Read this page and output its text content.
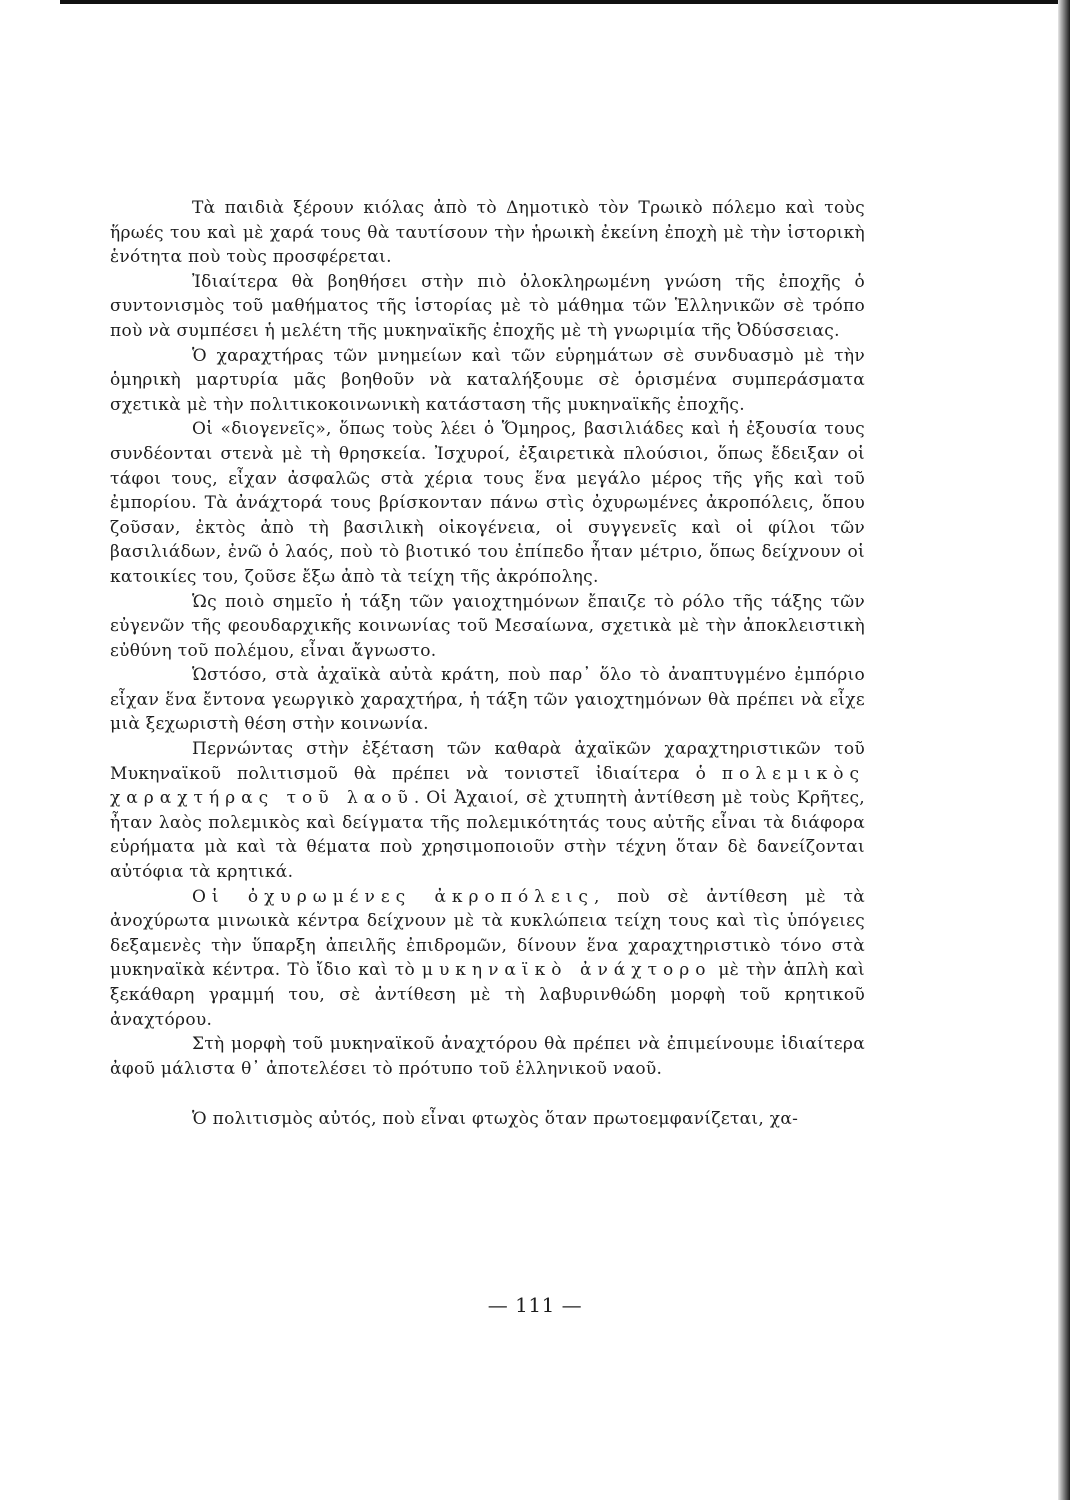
Τὰ παιδιὰ ξέρουν κιόλας ἀπὸ τὸ Δημοτικὸ τὸν Τρωικὸ πόλεμο καὶ τοὺς ἥρωές του καὶ μὲ χαρά τους θὰ ταυτίσουν τὴν ἡρωικὴ ἐκείνη ἐποχὴ μὲ τὴν ἱστορικὴ ἑνότητα ποὺ τοὺς προσφέρεται.

Ἰδιαίτερα θὰ βοηθήσει στὴν πιὸ ὁλοκληρωμένη γνώση τῆς ἐποχῆς ὁ συντονισμὸς τοῦ μαθήματος τῆς ἱστορίας μὲ τὸ μάθημα τῶν Ἑλληνικῶν σὲ τρόπο ποὺ νὰ συμπέσει ἡ μελέτη τῆς μυκηναϊκῆς ἐποχῆς μὲ τὴ γνωριμία τῆς Ὀδύσσειας.

Ὁ χαραχτήρας τῶν μνημείων καὶ τῶν εὑρημάτων σὲ συνδυασμὸ μὲ τὴν ὁμηρικὴ μαρτυρία μᾶς βοηθοῦν νὰ καταλήξουμε σὲ ὁρισμένα συμπεράσματα σχετικὰ μὲ τὴν πολιτικοκοινωνικὴ κατάσταση τῆς μυκηναϊκῆς ἐποχῆς.

Οἱ «διογενεῖς», ὅπως τοὺς λέει ὁ Ὅμηρος, βασιλιάδες καὶ ἡ ἐξουσία τους συνδέονται στενὰ μὲ τὴ θρησκεία. Ἰσχυροί, ἐξαιρετικὰ πλούσιοι, ὅπως ἔδειξαν οἱ τάφοι τους, εἶχαν ἀσφαλῶς στὰ χέρια τους ἕνα μεγάλο μέρος τῆς γῆς καὶ τοῦ ἐμπορίου. Τὰ ἀνάχτορά τους βρίσκονταν πάνω στὶς ὀχυρωμένες ἀκροπόλεις, ὅπου ζοῦσαν, ἐκτὸς ἀπὸ τὴ βασιλικὴ οἰκογένεια, οἱ συγγενεῖς καὶ οἱ φίλοι τῶν βασιλιάδων, ἐνῶ ὁ λαός, ποὺ τὸ βιοτικό του ἐπίπεδο ἦταν μέτριο, ὅπως δείχνουν οἱ κατοικίες του, ζοῦσε ἔξω ἀπὸ τὰ τείχη τῆς ἀκρόπολης.

Ὡς ποιὸ σημεῖο ἡ τάξη τῶν γαιοχτημόνων ἔπαιζε τὸ ρόλο τῆς τάξης τῶν εὐγενῶν τῆς φεουδαρχικῆς κοινωνίας τοῦ Μεσαίωνα, σχετικὰ μὲ τὴν ἀποκλειστικὴ εὐθύνη τοῦ πολέμου, εἶναι ἄγνωστο.

Ὡστόσο, στὰ ἀχαϊκὰ αὐτὰ κράτη, ποὺ παρ᾽ ὅλο τὸ ἀναπτυγμένο ἐμπόριο εἶχαν ἕνα ἔντονα γεωργικὸ χαραχτήρα, ἡ τάξη τῶν γαιοχτημόνων θὰ πρέπει νὰ εἶχε μιὰ ξεχωριστὴ θέση στὴν κοινωνία.

Περνώντας στὴν ἐξέταση τῶν καθαρὰ ἀχαϊκῶν χαραχτηριστικῶν τοῦ Μυκηναϊκοῦ πολιτισμοῦ θὰ πρέπει νὰ τονιστεῖ ἰδιαίτερα ὁ πολεμικὸς χαραχτήρας τοῦ λαοῦ. Οἱ Ἀχαιοί, σὲ χτυπητὴ ἀντίθεση μὲ τοὺς Κρῆτες, ἦταν λαὸς πολεμικὸς καὶ δείγματα τῆς πολεμικότητάς τους αὐτῆς εἶναι τὰ διάφορα εὑρήματα μὰ καὶ τὰ θέματα ποὺ χρησιμοποιοῦν στὴν τέχνη ὅταν δὲ δανείζονται αὐτόφια τὰ κρητικά.

Οἱ ὀχυρωμένες ἀκροπόλεις, ποὺ σὲ ἀντίθεση μὲ τὰ ἀνοχύρωτα μινωικὰ κέντρα δείχνουν μὲ τὰ κυκλώπεια τείχη τους καὶ τὶς ὑπόγειες δεξαμενὲς τὴν ὕπαρξη ἀπειλῆς ἐπιδρομῶν, δίνουν ἕνα χαραχτηριστικὸ τόνο στὰ μυκηναϊκὰ κέντρα. Τὸ ἴδιο καὶ τὸ μυκηναϊκὸ ἀνάχτορο μὲ τὴν ἁπλὴ καὶ ξεκάθαρη γραμμή του, σὲ ἀντίθεση μὲ τὴ λαβυρινθώδη μορφὴ τοῦ κρητικοῦ ἀναχτόρου.

Στὴ μορφὴ τοῦ μυκηναϊκοῦ ἀναχτόρου θὰ πρέπει νὰ ἐπιμείνουμε ἰδιαίτερα ἀφοῦ μάλιστα θ᾽ ἀποτελέσει τὸ πρότυπο τοῦ ἑλληνικοῦ ναοῦ.

Ὁ πολιτισμὸς αὐτός, ποὺ εἶναι φτωχὸς ὅταν πρωτοεμφανίζεται, χα-

— 111 —
